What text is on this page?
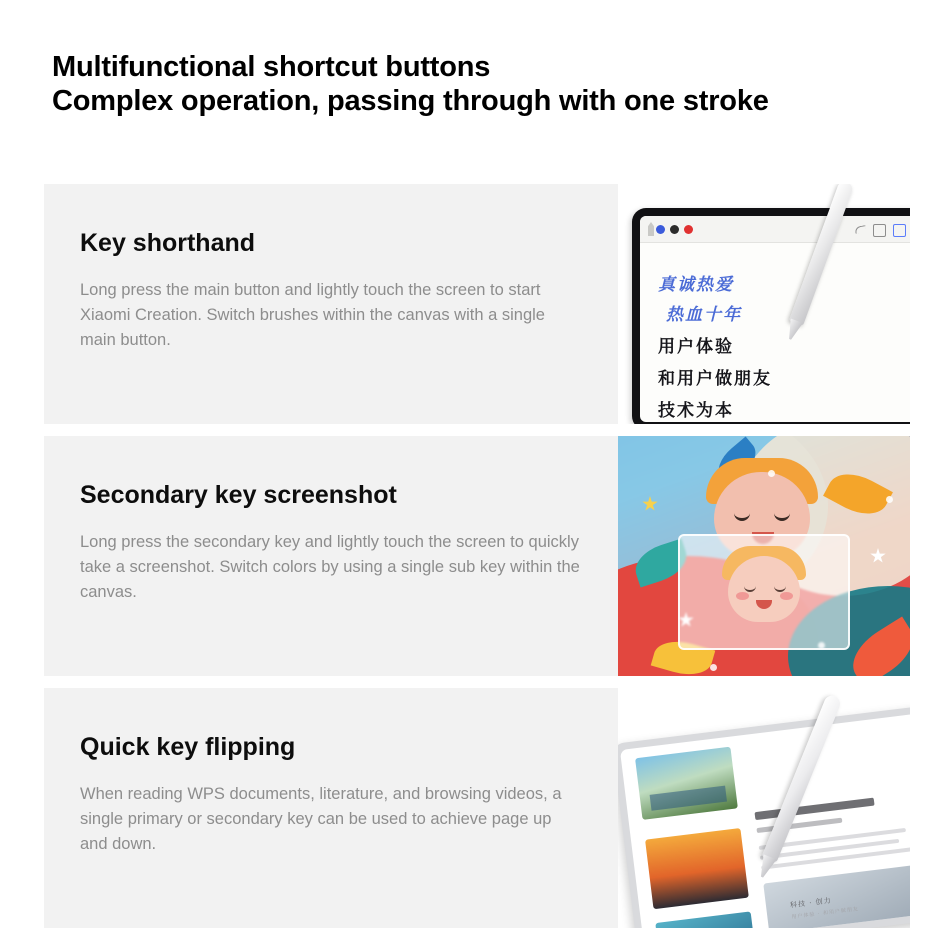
Multifunctional shortcut buttons
Complex operation, passing through with one stroke
Key shorthand

Long press the main button and lightly touch the screen to start Xiaomi Creation. Switch brushes within the canvas with a single main button.

真诚热爱
热血十年
用户体验
和用户做朋友
技术为本
Secondary key screenshot

Long press the secondary key and lightly touch the screen to quickly take a screenshot. Switch colors by using a single sub key within the canvas.

Quick key flipping

When reading WPS documents, literature, and browsing videos, a single primary or secondary key can be used to achieve page up and down.

科技 · 创力
用户体验 · 和用户做朋友
